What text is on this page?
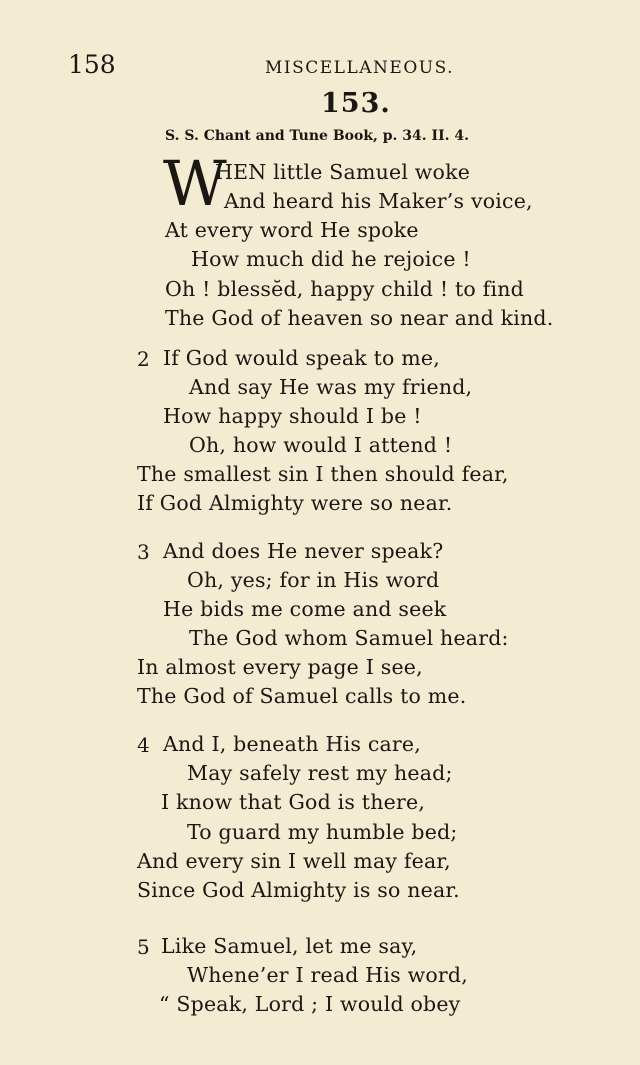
158	MISCELLANEOUS.
153.
S. S. Chant and Tune Book, p. 34. II. 4.
W
HEN little Samuel woke
And heard his Maker’s voice,
At every word He spoke
How much did he rejoice !
Oh ! blessĕd, happy child ! to find
The God of heaven so near and kind.
2 If God would speak to me,
And say He was my friend,
How happy should I be !
Oh, how would I attend !
The smallest sin I then should fear,
If God Almighty were so near.
3 And does He never speak?
Oh, yes; for in His word
He bids me come and seek
The God whom Samuel heard:
In almost every page I see,
The God of Samuel calls to me.
4 And I, beneath His care,
May safely rest my head;
I know that God is there,
To guard my humble bed;
And every sin I well may fear,
Since God Almighty is so near.
5 Like Samuel, let me say,
Whene’er I read His word,
“ Speak, Lord ; I would obey
